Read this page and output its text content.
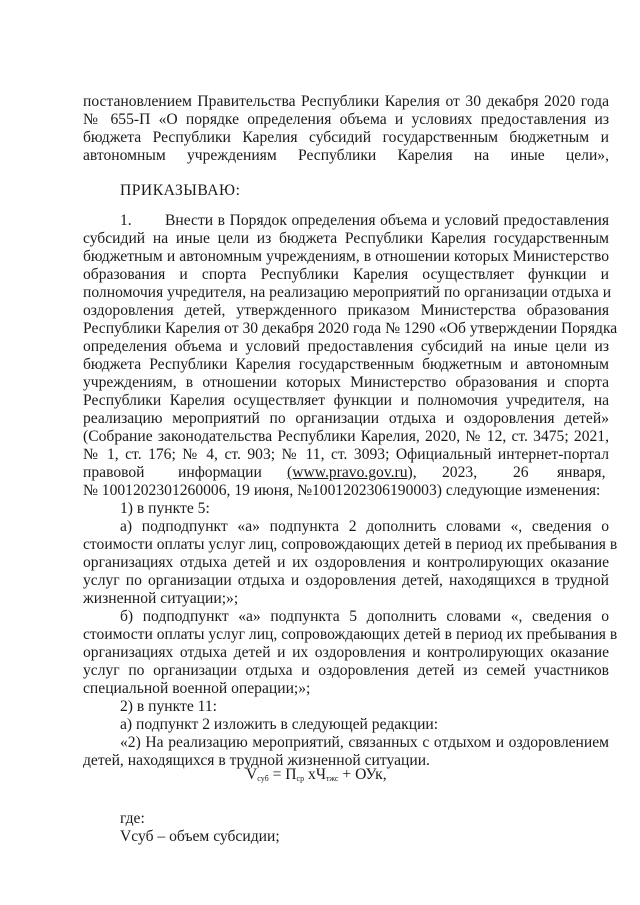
постановлением Правительства Республики Карелия от 30 декабря 2020 года
№ 655-П «О порядке определения объема и условиях предоставления из
бюджета Республики Карелия субсидий государственным бюджетным и
автономным учреждениям Республики Карелия на иные цели»,
ПРИКАЗЫВАЮ:
1. Внести в Порядок определения объема и условий предоставления
субсидий на иные цели из бюджета Республики Карелия государственным
бюджетным и автономным учреждениям, в отношении которых Министерство
образования и спорта Республики Карелия осуществляет функции и
полномочия учредителя, на реализацию мероприятий по организации отдыха и
оздоровления детей, утвержденного приказом Министерства образования
Республики Карелия от 30 декабря 2020 года № 1290 «Об утверждении Порядка
определения объема и условий предоставления субсидий на иные цели из
бюджета Республики Карелия государственным бюджетным и автономным
учреждениям, в отношении которых Министерство образования и спорта
Республики Карелия осуществляет функции и полномочия учредителя, на
реализацию мероприятий по организации отдыха и оздоровления детей»
(Собрание законодательства Республики Карелия, 2020, № 12, ст. 3475; 2021,
№ 1, ст. 176; № 4, ст. 903; № 11, ст. 3093; Официальный интернет-портал
правовой информации (www.pravo.gov.ru), 2023, 26 января,
№ 1001202301260006, 19 июня, №1001202306190003) следующие изменения:
1) в пункте 5:
а) подподпункт «а» подпункта 2 дополнить словами «, сведения о
стоимости оплаты услуг лиц, сопровождающих детей в период их пребывания в
организациях отдыха детей и их оздоровления и контролирующих оказание
услуг по организации отдыха и оздоровления детей, находящихся в трудной
жизненной ситуации;»;
б) подподпункт «а» подпункта 5 дополнить словами «, сведения о
стоимости оплаты услуг лиц, сопровождающих детей в период их пребывания в
организациях отдыха детей и их оздоровления и контролирующих оказание
услуг по организации отдыха и оздоровления детей из семей участников
специальной военной операции;»;
2) в пункте 11:
а) подпункт 2 изложить в следующей редакции:
«2) На реализацию мероприятий, связанных с отдыхом и оздоровлением
детей, находящихся в трудной жизненной ситуации.
$V_{суб} = П_{ср}$ $хЧ_{тжс}$ + ОУк,
где:
Vсуб – объем субсидии;
